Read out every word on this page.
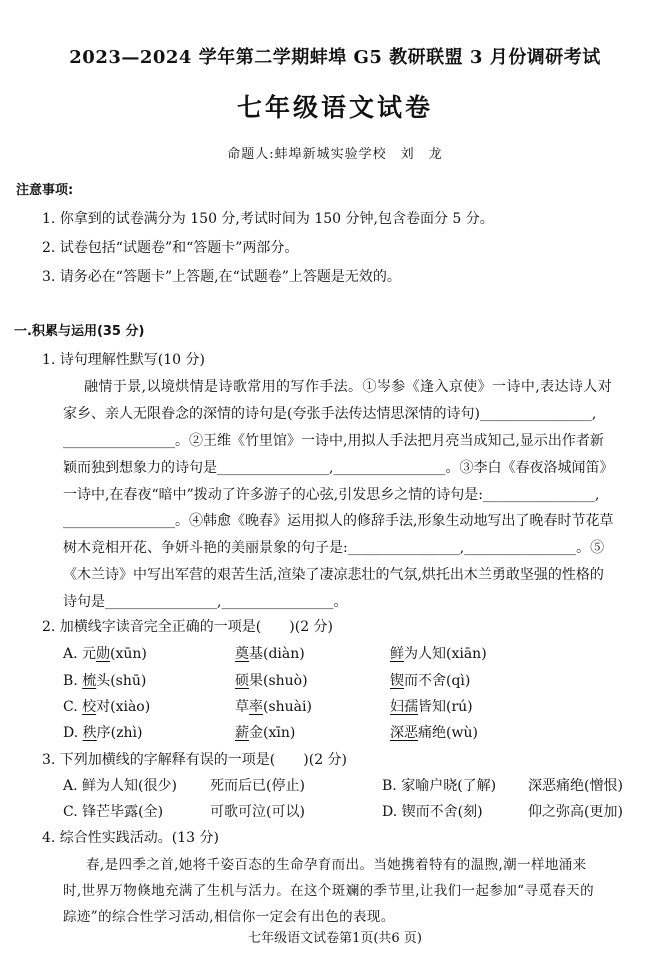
2023—2024 学年第二学期蚌埠 G5 教研联盟 3 月份调研考试
七年级语文试卷
命题人:蚌埠新城实验学校　刘　龙
注意事项:
1. 你拿到的试卷满分为 150 分,考试时间为 150 分钟,包含卷面分 5 分。
2. 试卷包括“试题卷”和“答题卡”两部分。
3. 请务必在“答题卡”上答题,在“试题卷”上答题是无效的。
一.积累与运用(35 分)
1. 诗句理解性默写(10 分)
融情于景,以境烘情是诗歌常用的写作手法。①岑参《逢入京使》一诗中,表达诗人对
家乡、亲人无限眷念的深情的诗句是(夸张手法传达情思深情的诗句)________________,
________________。②王维《竹里馆》一诗中,用拟人手法把月亮当成知己,显示出作者新
颖而独到想象力的诗句是________________,________________。③李白《春夜洛城闻笛》
一诗中,在春夜“暗中”拨动了许多游子的心弦,引发思乡之情的诗句是:________________,
________________。④韩愈《晚春》运用拟人的修辞手法,形象生动地写出了晚春时节花草
树木竞相开花、争妍斗艳的美丽景象的句子是:________________,________________。⑤
《木兰诗》中写出军营的艰苦生活,渲染了凄凉悲壮的气氛,烘托出木兰勇敢坚强的性格的
诗句是________________,________________。
2. 加横线字读音完全正确的一项是(　　)(2 分)
A. 元勋(xūn)	奠基(diàn)	鲜为人知(xiān)
B. 梳头(shū)	硕果(shuò)	锲而不舍(qì)
C. 校对(xiào)	草率(shuài)	妇孺皆知(rú)
D. 秩序(zhì)	薪金(xīn)	深恶痛绝(wù)
3. 下列加横线的字解释有误的一项是(　　)(2 分)
A. 鲜为人知(很少) 死而后已(停止)	B. 家喻户晓(了解) 深恶痛绝(憎恨)
C. 锋芒毕露(全)	可歌可泣(可以)	D. 锲而不舍(刻)	仰之弥高(更加)
4. 综合性实践活动。(13 分)
春,是四季之首,她将千姿百态的生命孕育而出。当她携着特有的温煦,潮一样地涌来
时,世界万物倏地充满了生机与活力。在这个斑斓的季节里,让我们一起参加“寻觅春天的
踪迹”的综合性学习活动,相信你一定会有出色的表现。
七年级语文试卷第1页(共6 页)
